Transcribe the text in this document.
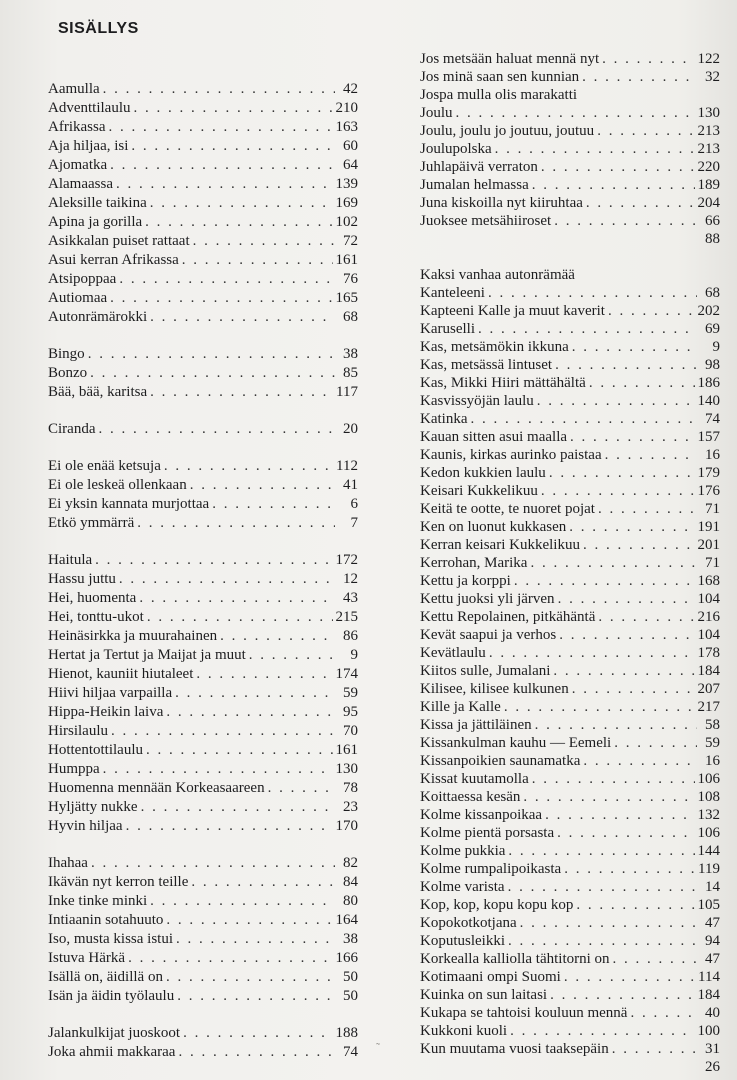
SISÄLLYS
Aamulla . . .	42
Adventtilaulu . . .	210
Afrikassa . . .	163
Aja hiljaa, isi . . .	60
Ajomatka . . .	64
Alamaassa . . .	139
Aleksille taikina . . .	169
Apina ja gorilla . . .	102
Asikkalan puiset rattaat . . .	72
Asui kerran Afrikassa . . .	161
Atsipoppaa . . .	76
Autiomaa . . .	165
Autonrämärokki . . .	68
Bingo . . .	38
Bonzo . . .	85
Bää, bää, karitsa . . .	117
Ciranda . . .	20
Ei ole enää ketsuja . . .	112
Ei ole leskeä ollenkaan . . .	41
Ei yksin kannata murjottaa . . .	6
Etkö ymmärrä . . .	7
Haitula . . .	172
Hassu juttu . . .	12
Hei, huomenta . . .	43
Hei, tonttu-ukot . . .	215
Heinäsirkka ja muurahainen . . .	86
Hertat ja Tertut ja Maijat ja muut . . .	9
Hienot, kauniit hiutaleet . . .	174
Hiivi hiljaa varpailla . . .	59
Hippa-Heikin laiva . . .	95
Hirsilaulu . . .	70
Hottentottilaulu . . .	161
Humppa . . .	130
Huomenna mennään Korkeasaareen . . .	78
Hyljätty nukke . . .	23
Hyvin hiljaa . . .	170
Ihahaa . . .	82
Ikävän nyt kerron teille . . .	84
Inke tinke minki . . .	80
Intiaanin sotahuuto . . .	164
Iso, musta kissa istui . . .	38
Istuva Härkä . . .	166
Isällä on, äidillä on . . .	50
Isän ja äidin työlaulu . . .	50
Jalankulkijat juoskoot . . .	188
Joka ahmii makkaraa . . .	74
Jos metsään haluat mennä nyt . . .	122
Jos minä saan sen kunnian . . .	32
Jospa mulla olis marakatti
Joulu . . .	130
Joulu, joulu jo joutuu, joutuu . . .	213
Joulupolska . . .	213
Juhlapäivä verraton . . .	220
Jumalan helmassa . . .	189
Juna kiskoilla nyt kiiruhtaa . . .	204
Juoksee metsähiiroset . . .	66
88
Kaksi vanhaa autonrämää
Kanteleeni . . .	68
Kapteeni Kalle ja muut kaverit . . .	202
Karuselli . . .	69
Kas, metsämökin ikkuna . . .	9
Kas, metsässä lintuset . . .	98
Kas, Mikki Hiiri mättähältä . . .	186
Kasvissyöjän laulu . . .	140
Katinka . . .	74
Kauan sitten asui maalla . . .	157
Kaunis, kirkas aurinko paistaa . . .	16
Kedon kukkien laulu . . .	179
Keisari Kukkelikuu . . .	176
Keitä te ootte, te nuoret pojat . . .	71
Ken on luonut kukkasen . . .	191
Kerran keisari Kukkelikuu . . .	201
Kerrohan, Marika . . .	71
Kettu ja korppi . . .	168
Kettu juoksi yli järven . . .	104
Kettu Repolainen, pitkähäntä . . .	216
Kevät saapui ja verhos . . .	104
Kevätlaulu . . .	178
Kiitos sulle, Jumalani . . .	184
Kilisee, kilisee kulkunen . . .	207
Kille ja Kalle . . .	217
Kissa ja jättiläinen . . .	58
Kissankulman kauhu — Eemeli . . .	59
Kissanpoikien saunamatka . . .	16
Kissat kuutamolla . . .	106
Koittaessa kesän . . .	108
Kolme kissanpoikaa . . .	132
Kolme pientä porsasta . . .	106
Kolme pukkia . . .	144
Kolme rumpalipoikasta . . .	119
Kolme varista . . .	14
Kop, kop, kopu kopu kop . . .	105
Kopokotkotjana . . .	47
Koputusleikki . . .	94
Korkealla kalliolla tähtitorni on . . .	47
Kotimaani ompi Suomi . . .	114
Kuinka on sun laitasi . . .	184
Kukapa se tahtoisi kouluun mennä . . .	40
Kukkoni kuoli . . .	100
Kun muutama vuosi taaksepäin . . .	31
26
˜
